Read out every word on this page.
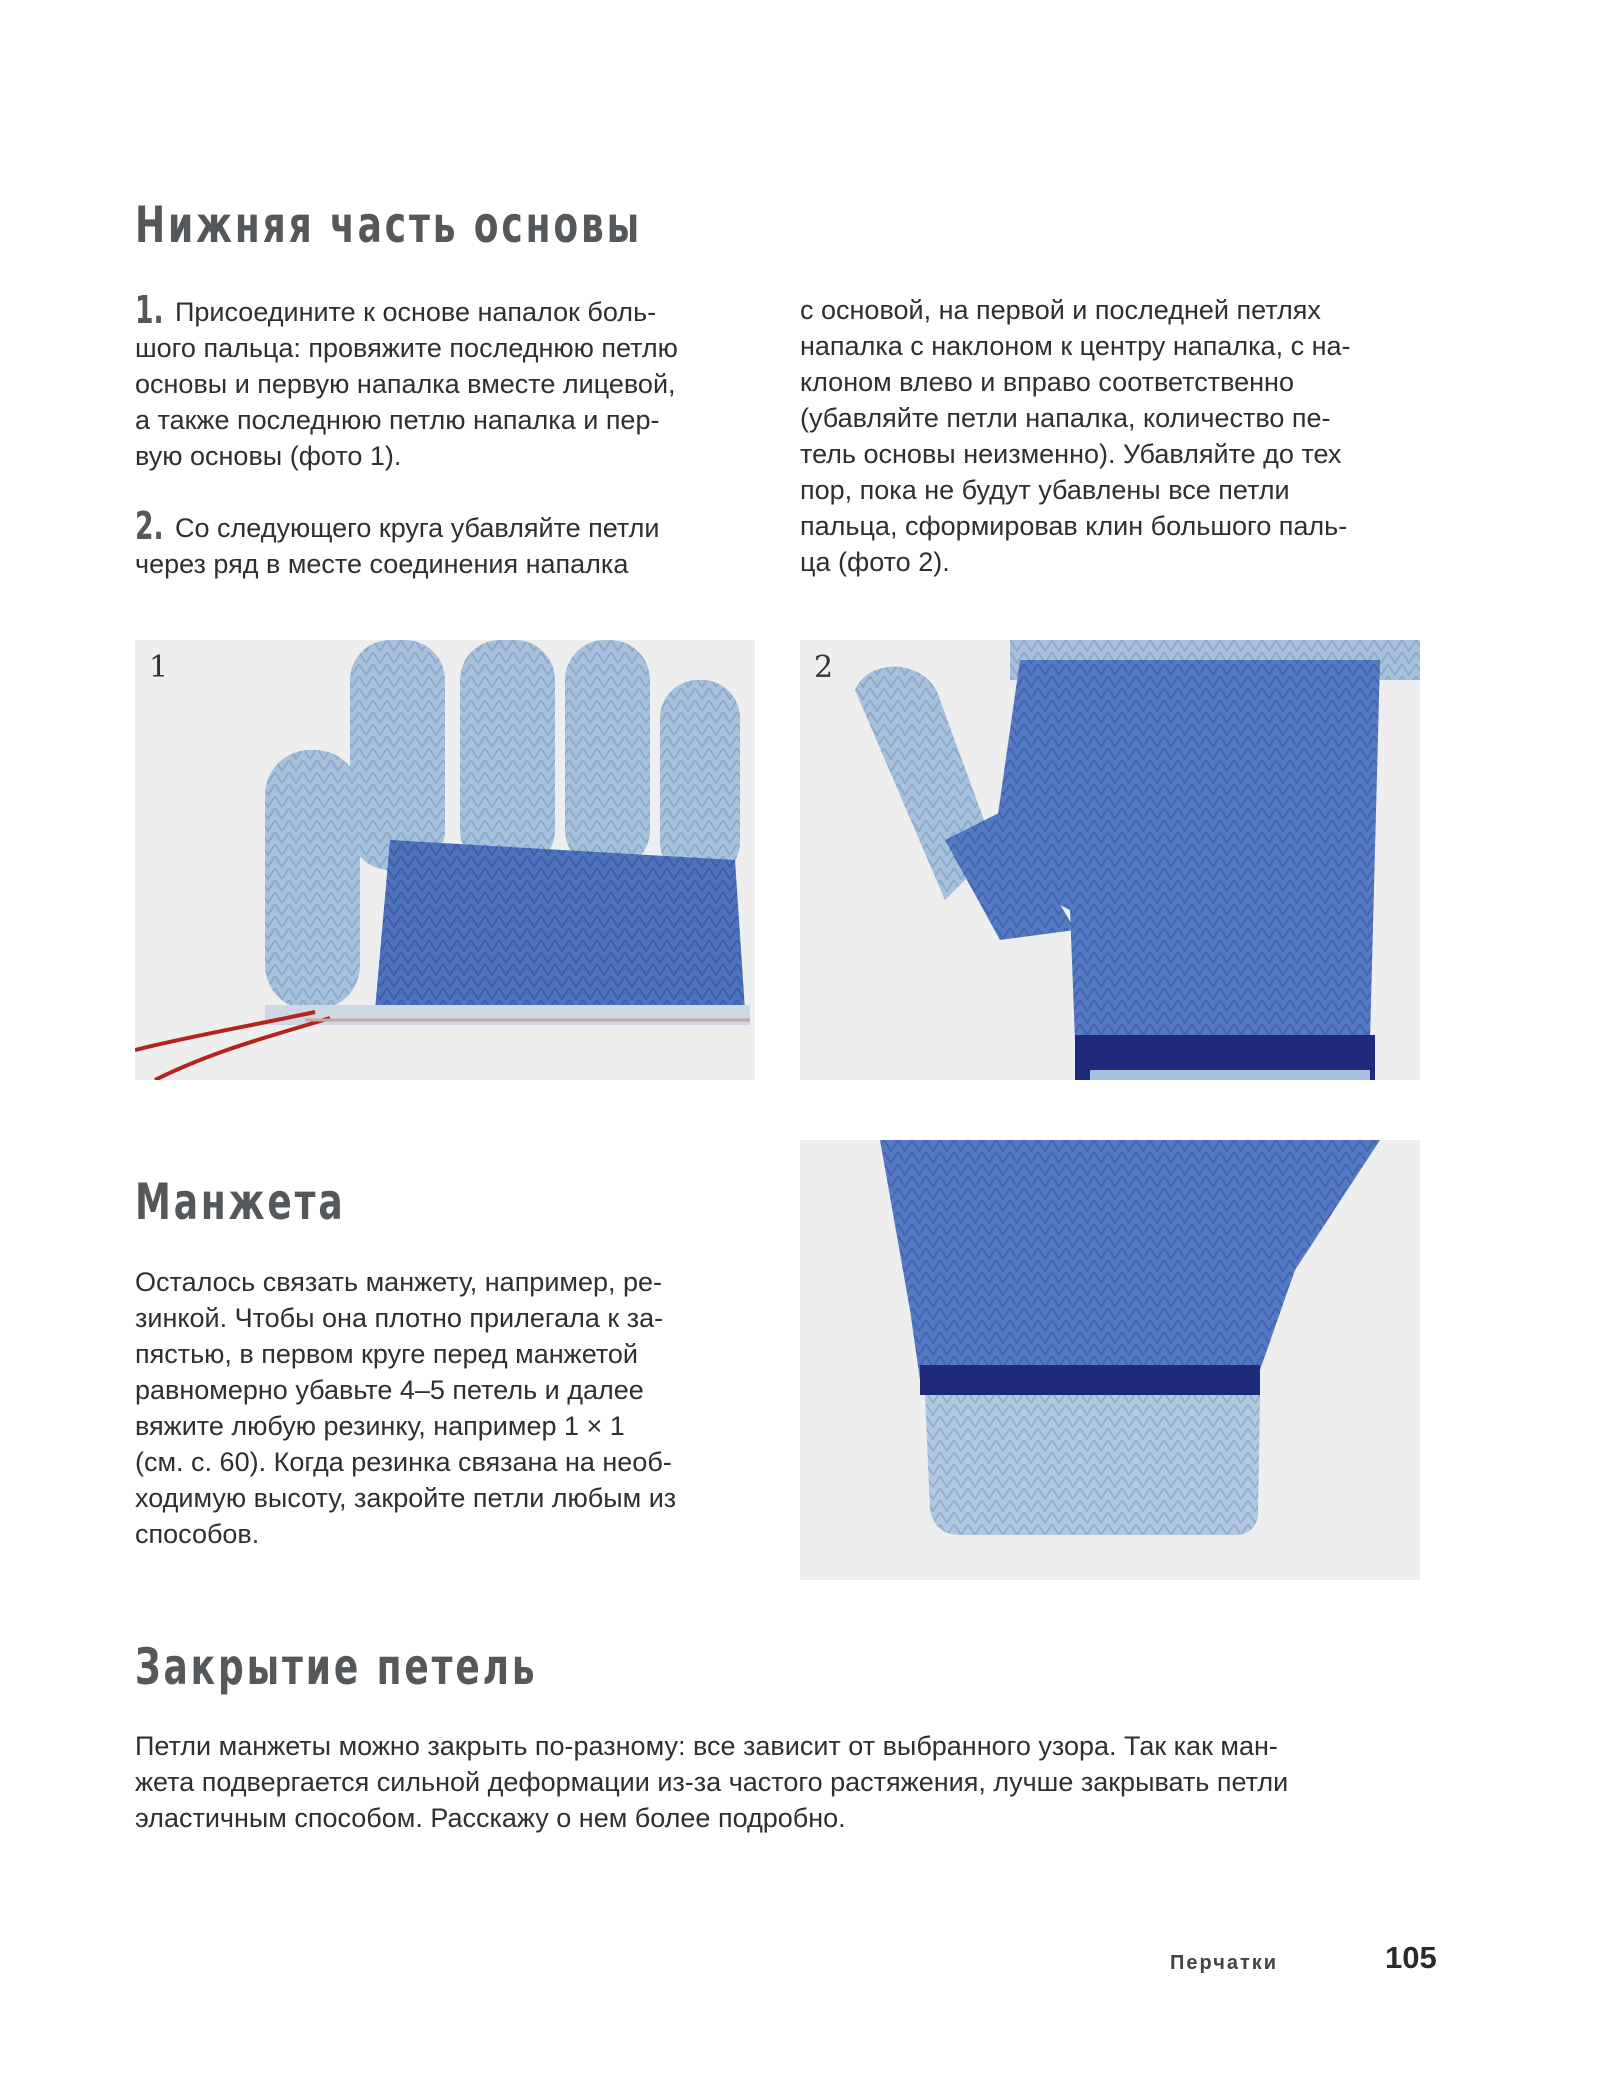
Нижняя часть основы
1. Присоедините к основе напалок боль-
шого пальца: провяжите последнюю петлю
основы и первую напалка вместе лицевой,
а также последнюю петлю напалка и пер-
вую основы (фото 1).
2. Со следующего круга убавляйте петли
через ряд в месте соединения напалка
с основой, на первой и последней петлях
напалка с наклоном к центру напалка, с на-
клоном влево и вправо соответственно
(убавляйте петли напалка, количество пе-
тель основы неизменно). Убавляйте до тех
пор, пока не будут убавлены все петли
пальца, сформировав клин большого паль-
ца (фото 2).
1	2
Манжета
Осталось связать манжету, например, ре-
зинкой. Чтобы она плотно прилегала к за-
пястью, в первом круге перед манжетой
равномерно убавьте 4–5 петель и далее
вяжите любую резинку, например 1 × 1
(см. с. 60). Когда резинка связана на необ-
ходимую высоту, закройте петли любым из
способов.
Закрытие петель
Петли манжеты можно закрыть по-разному: все зависит от выбранного узора. Так как ман-
жета подвергается сильной деформации из-за частого растяжения, лучше закрывать петли
эластичным способом. Расскажу о нем более подробно.
Перчатки	105
